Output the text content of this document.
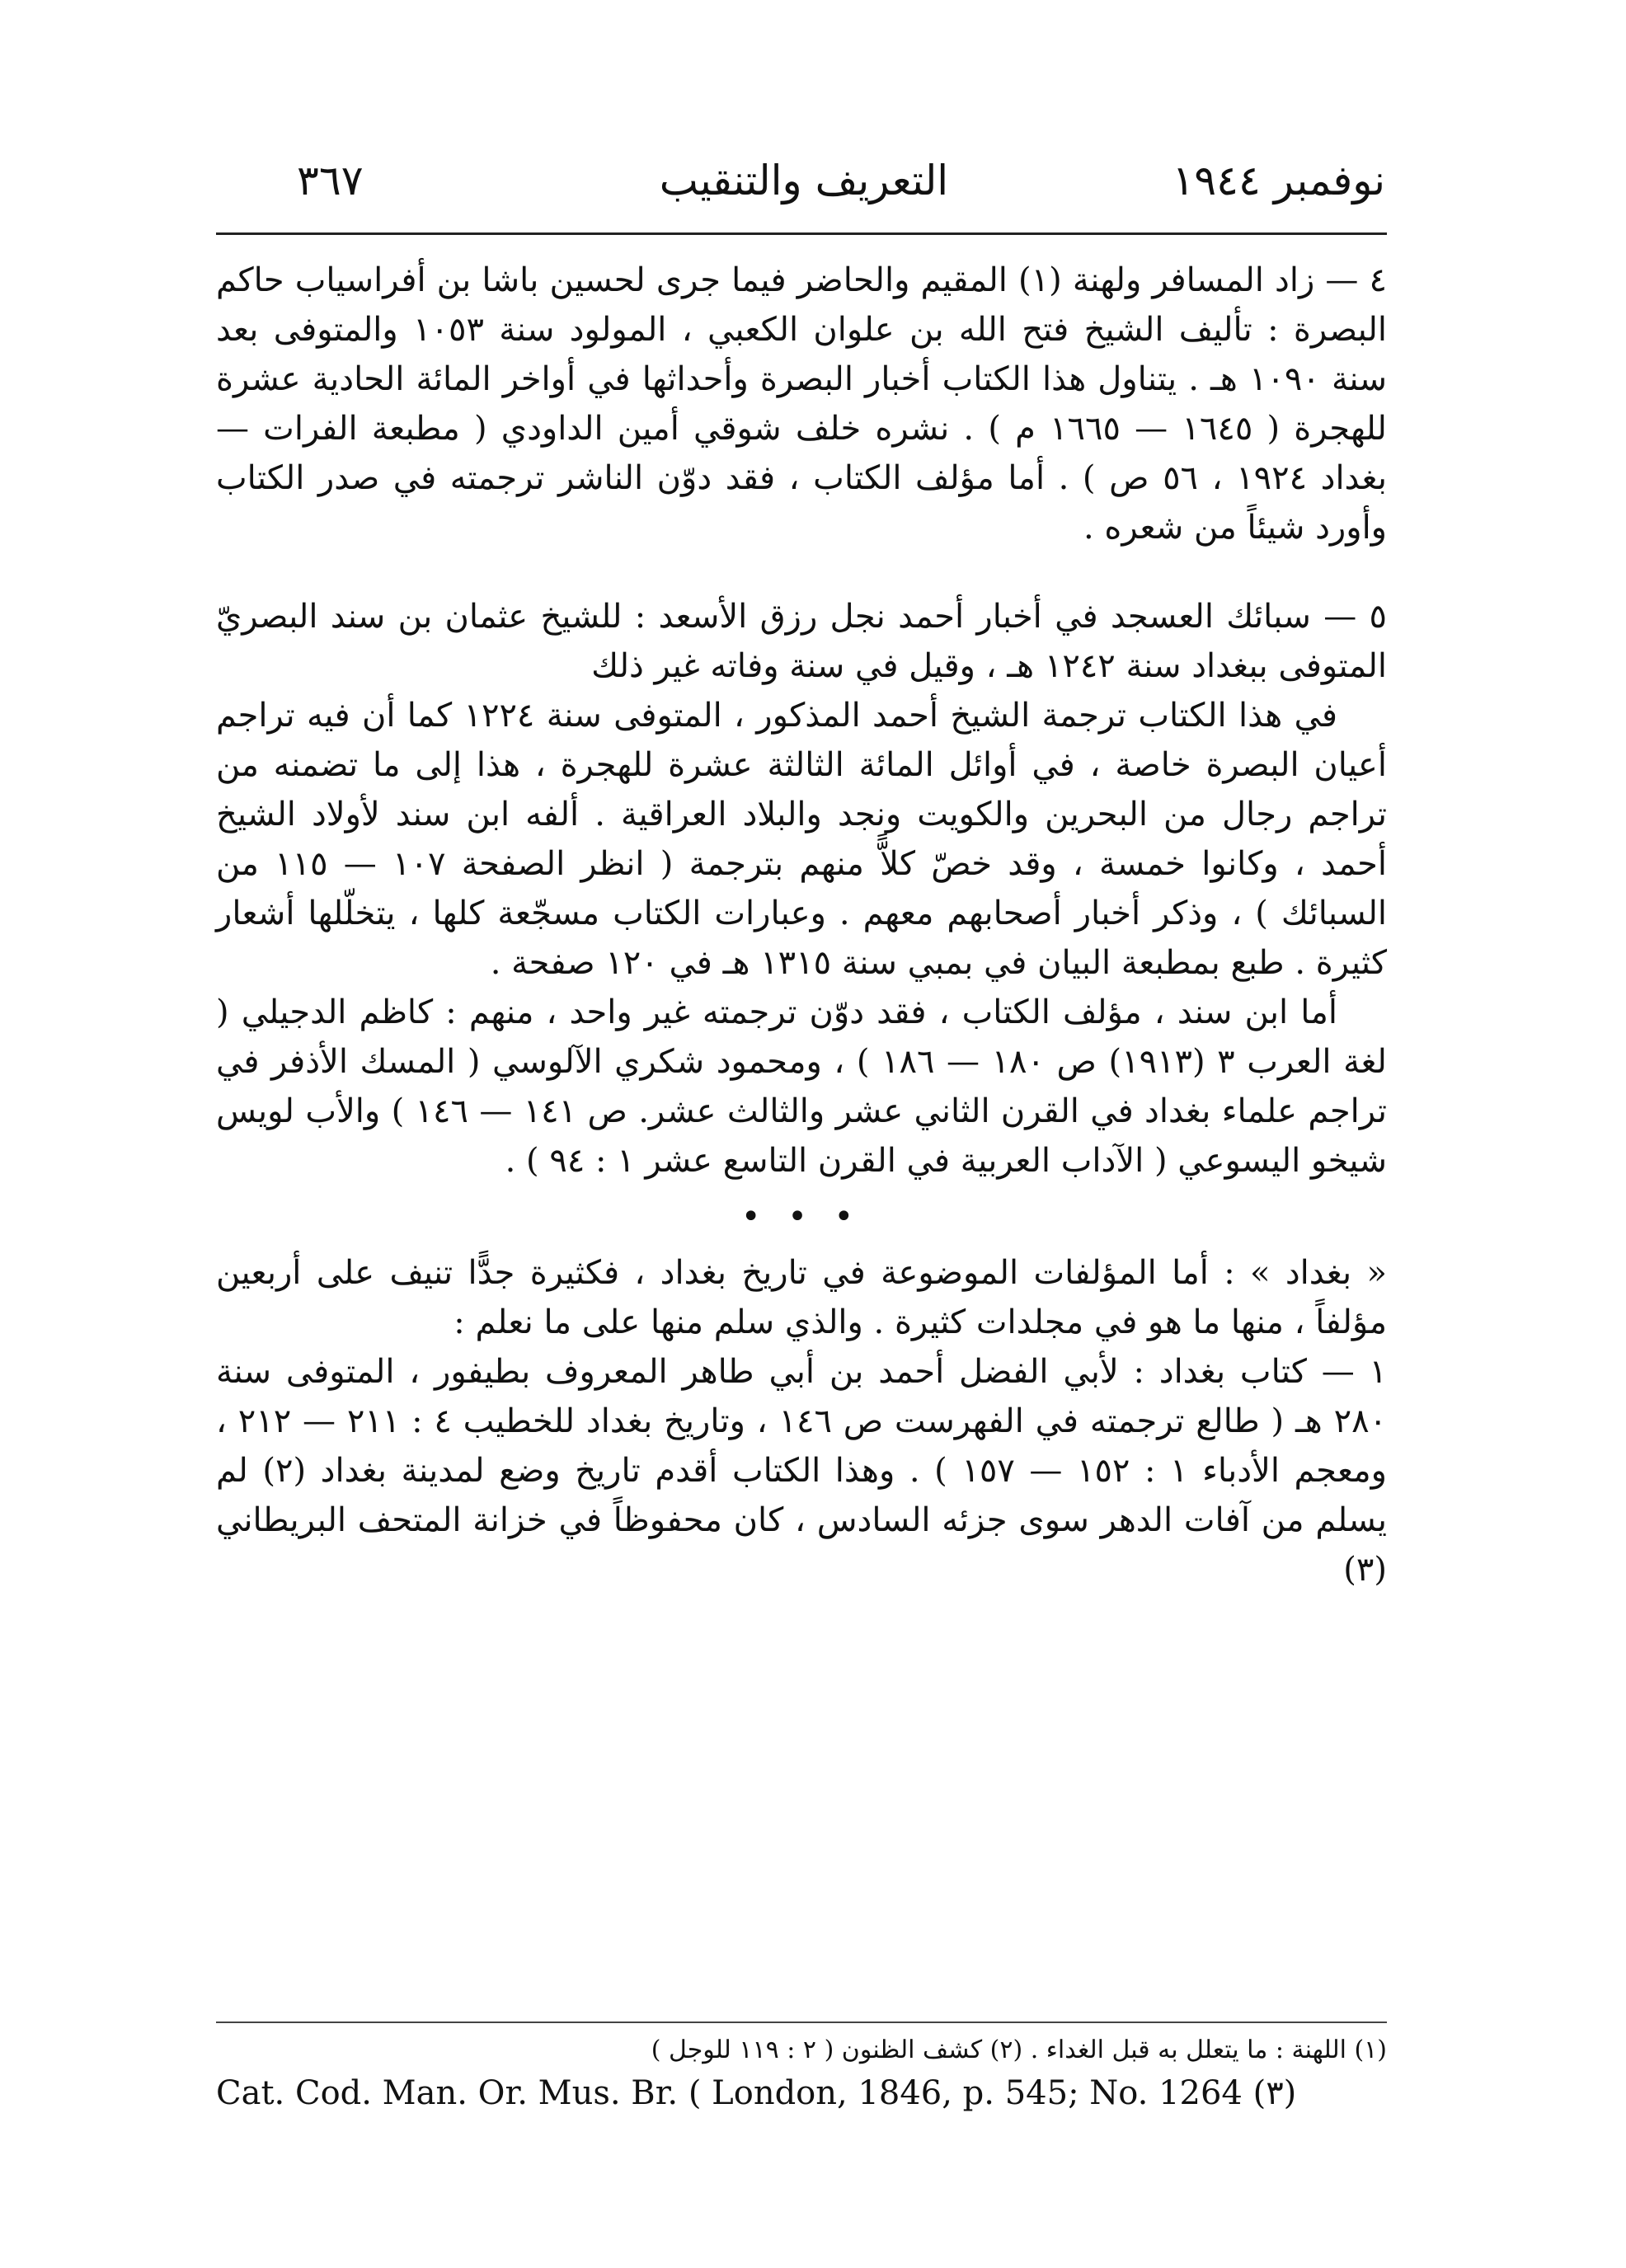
نوفمبر ١٩٤٤
التعريف والتنقيب
٣٦٧

٤ — زاد المسافر ولهنة (١) المقيم والحاضر فيما جرى لحسين باشا بن أفراسياب حاكم البصرة : تأليف الشيخ فتح الله بن علوان الكعبي ، المولود سنة ١٠٥٣ والمتوفى بعد سنة ١٠٩٠ هـ . يتناول هذا الكتاب أخبار البصرة وأحداثها في أواخر المائة الحادية عشرة للهجرة ( ١٦٤٥ — ١٦٦٥ م ) . نشره خلف شوقي أمين الداودي ( مطبعة الفرات — بغداد ١٩٢٤ ، ٥٦ ص ) . أما مؤلف الكتاب ، فقد دوّن الناشر ترجمته في صدر الكتاب وأورد شيئاً من شعره .

٥ — سبائك العسجد في أخبار أحمد نجل رزق الأسعد : للشيخ عثمان بن سند البصريّ المتوفى ببغداد سنة ١٢٤٢ هـ ، وقيل في سنة وفاته غير ذلك

في هذا الكتاب ترجمة الشيخ أحمد المذكور ، المتوفى سنة ١٢٢٤ كما أن فيه تراجم أعيان البصرة خاصة ، في أوائل المائة الثالثة عشرة للهجرة ، هذا إلى ما تضمنه من تراجم رجال من البحرين والكويت ونجد والبلاد العراقية . ألفه ابن سند لأولاد الشيخ أحمد ، وكانوا خمسة ، وقد خصّ كلاًّ منهم بترجمة ( انظر الصفحة ١٠٧ — ١١٥ من السبائك ) ، وذكر أخبار أصحابهم معهم . وعبارات الكتاب مسجّعة كلها ، يتخلّلها أشعار كثيرة . طبع بمطبعة البيان في بمبي سنة ١٣١٥ هـ في ١٢٠ صفحة .

أما ابن سند ، مؤلف الكتاب ، فقد دوّن ترجمته غير واحد ، منهم : كاظم الدجيلي ( لغة العرب ٣ (١٩١٣) ص ١٨٠ — ١٨٦ ) ، ومحمود شكري الآلوسي ( المسك الأذفر في تراجم علماء بغداد في القرن الثاني عشر والثالث عشر. ص ١٤١ — ١٤٦ ) والأب لويس شيخو اليسوعي ( الآداب العربية في القرن التاسع عشر ١ : ٩٤ ) .

• • •

« بغداد » : أما المؤلفات الموضوعة في تاريخ بغداد ، فكثيرة جدًّا تنيف على أربعين مؤلفاً ، منها ما هو في مجلدات كثيرة . والذي سلم منها على ما نعلم :

١ — كتاب بغداد : لأبي الفضل أحمد بن أبي طاهر المعروف بطيفور ، المتوفى سنة ٢٨٠ هـ ( طالع ترجمته في الفهرست ص ١٤٦ ، وتاريخ بغداد للخطيب ٤ : ٢١١ — ٢١٢ ، ومعجم الأدباء ١ : ١٥٢ — ١٥٧ ) . وهذا الكتاب أقدم تاريخ وضع لمدينة بغداد (٢) لم يسلم من آفات الدهر سوى جزئه السادس ، كان محفوظاً في خزانة المتحف البريطاني (٣)

(١) اللهنة : ما يتعلل به قبل الغداء . (٢) كشف الظنون ( ٢ : ١١٩ للوجل )
Cat. Cod. Man. Or. Mus. Br. ( London, 1846, p. 545; No. 1264 (٣)
